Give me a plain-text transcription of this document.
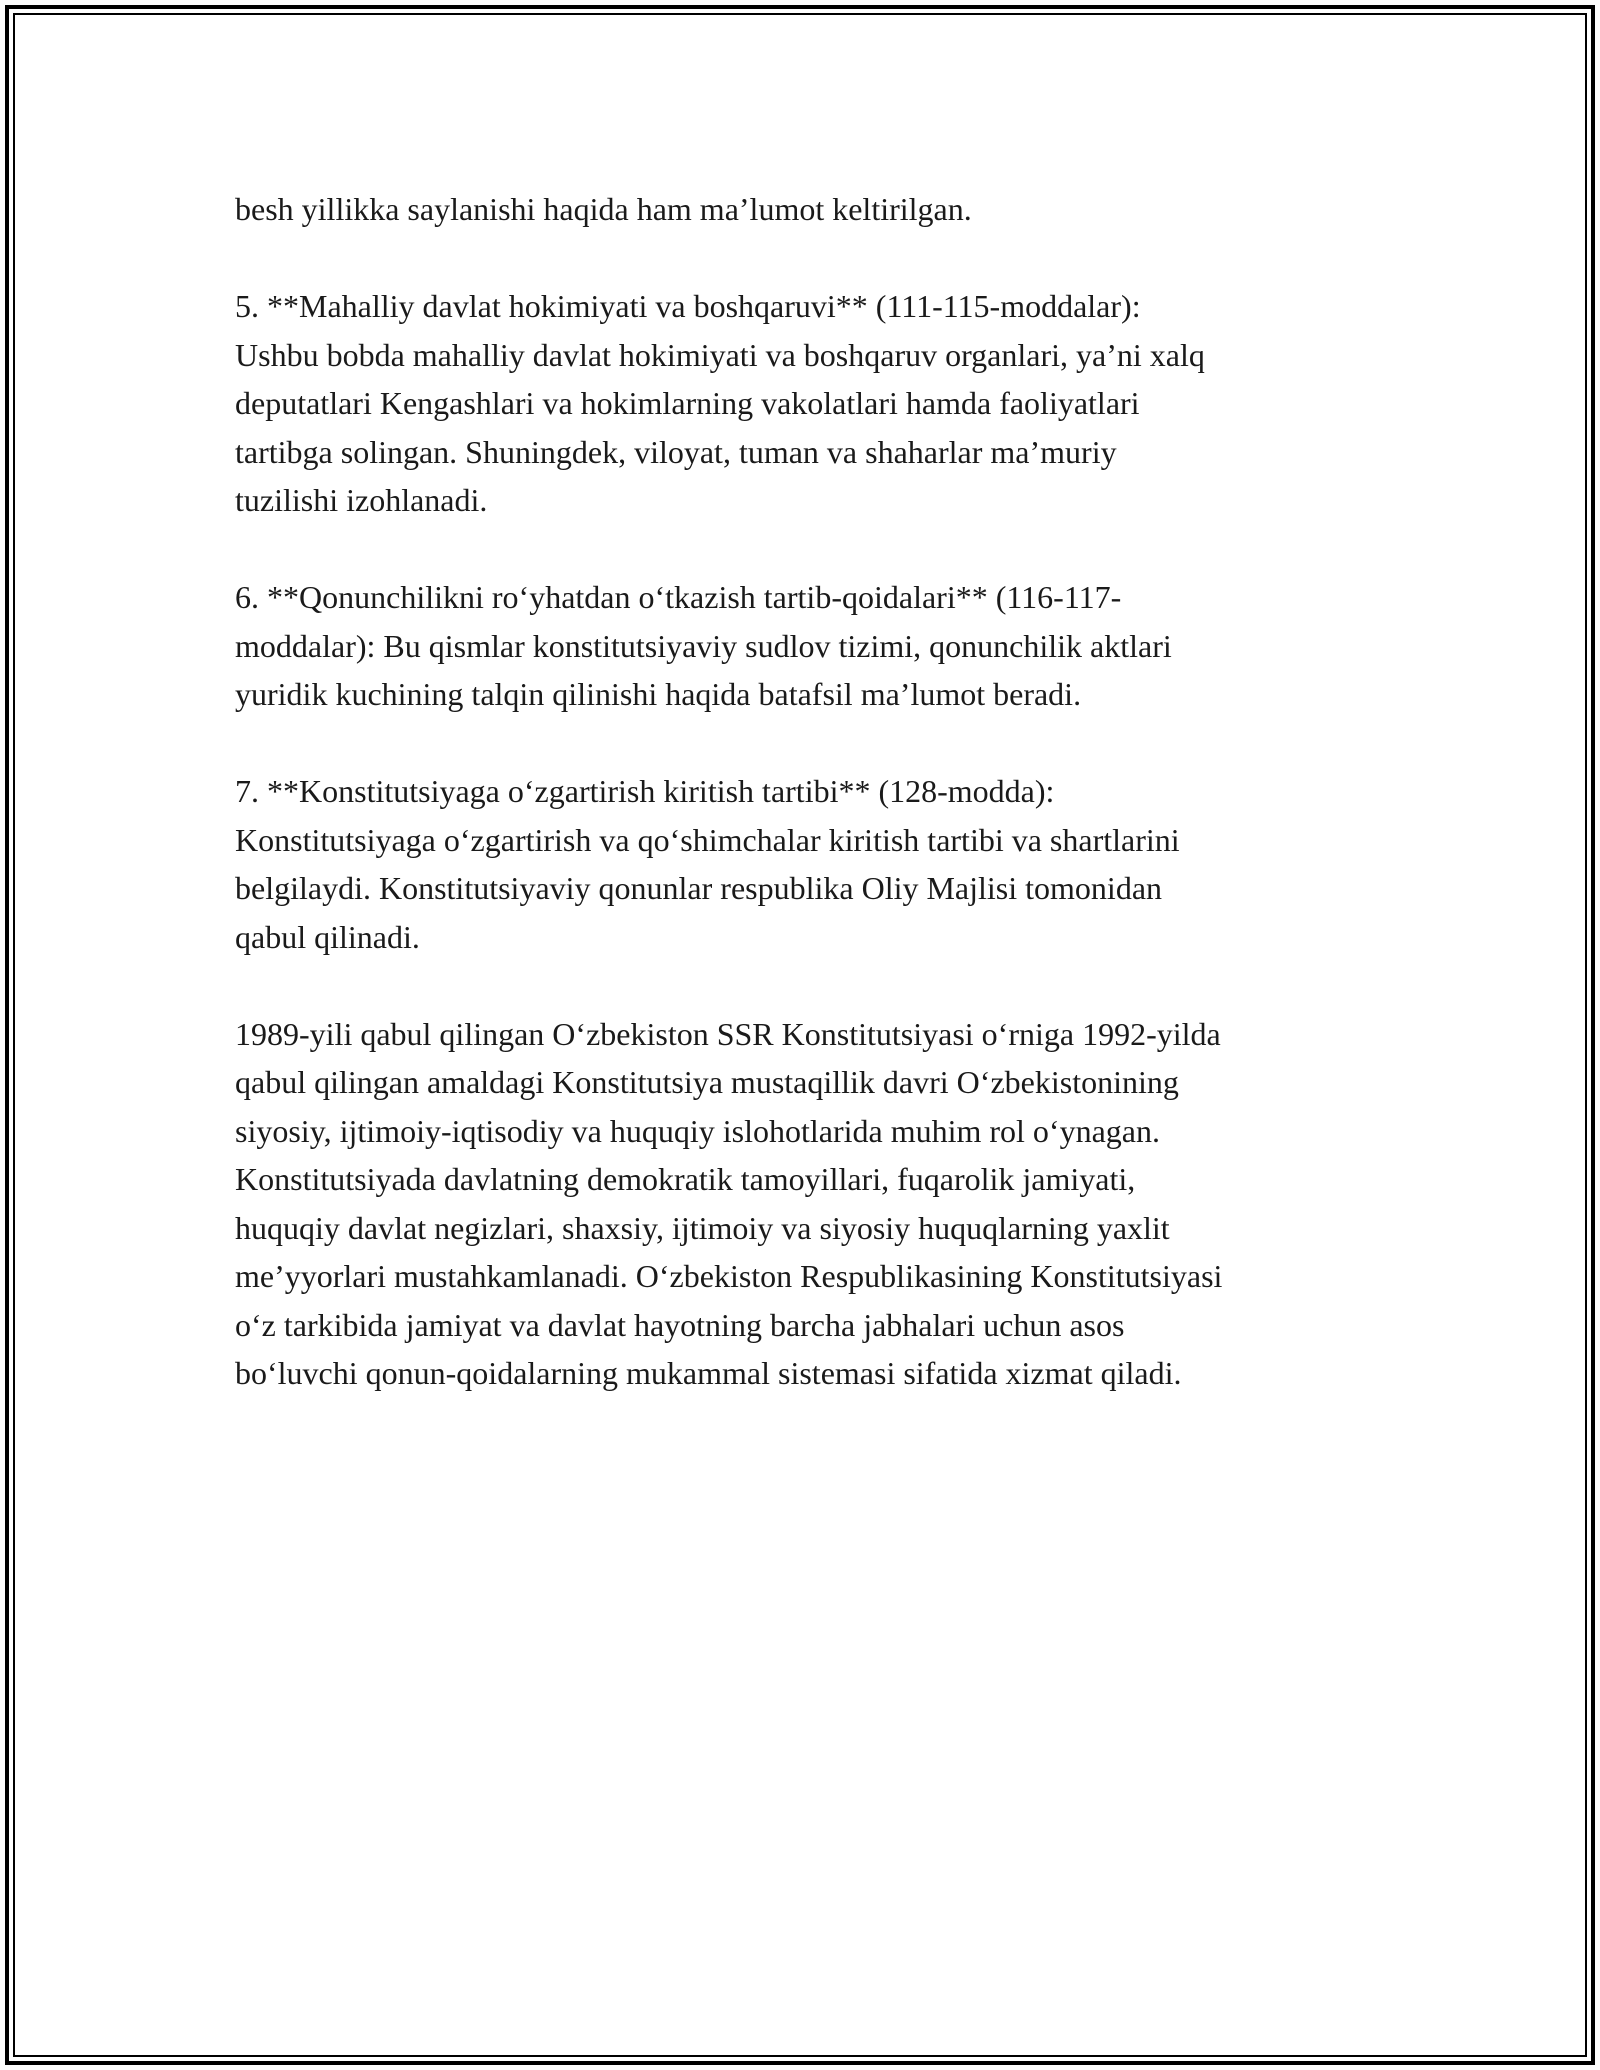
besh yillikka saylanishi haqida ham ma’lumot keltirilgan.

5. **Mahalliy davlat hokimiyati va boshqaruvi** (111-115-moddalar):
Ushbu bobda mahalliy davlat hokimiyati va boshqaruv organlari, ya’ni xalq
deputatlari Kengashlari va hokimlarning vakolatlari hamda faoliyatlari
tartibga solingan. Shuningdek, viloyat, tuman va shaharlar ma’muriy
tuzilishi izohlanadi.

6. **Qonunchilikni ro‘yhatdan o‘tkazish tartib-qoidalari** (116-117-
moddalar): Bu qismlar konstitutsiyaviy sudlov tizimi, qonunchilik aktlari
yuridik kuchining talqin qilinishi haqida batafsil ma’lumot beradi.

7. **Konstitutsiyaga o‘zgartirish kiritish tartibi** (128-modda):
Konstitutsiyaga o‘zgartirish va qo‘shimchalar kiritish tartibi va shartlarini
belgilaydi. Konstitutsiyaviy qonunlar respublika Oliy Majlisi tomonidan
qabul qilinadi.

1989-yili qabul qilingan O‘zbekiston SSR Konstitutsiyasi o‘rniga 1992-yilda
qabul qilingan amaldagi Konstitutsiya mustaqillik davri O‘zbekistonining
siyosiy, ijtimoiy-iqtisodiy va huquqiy islohotlarida muhim rol o‘ynagan.
Konstitutsiyada davlatning demokratik tamoyillari, fuqarolik jamiyati,
huquqiy davlat negizlari, shaxsiy, ijtimoiy va siyosiy huquqlarning yaxlit
me’yyorlari mustahkamlanadi. O‘zbekiston Respublikasining Konstitutsiyasi
o‘z tarkibida jamiyat va davlat hayotning barcha jabhalari uchun asos
bo‘luvchi qonun-qoidalarning mukammal sistemasi sifatida xizmat qiladi.
